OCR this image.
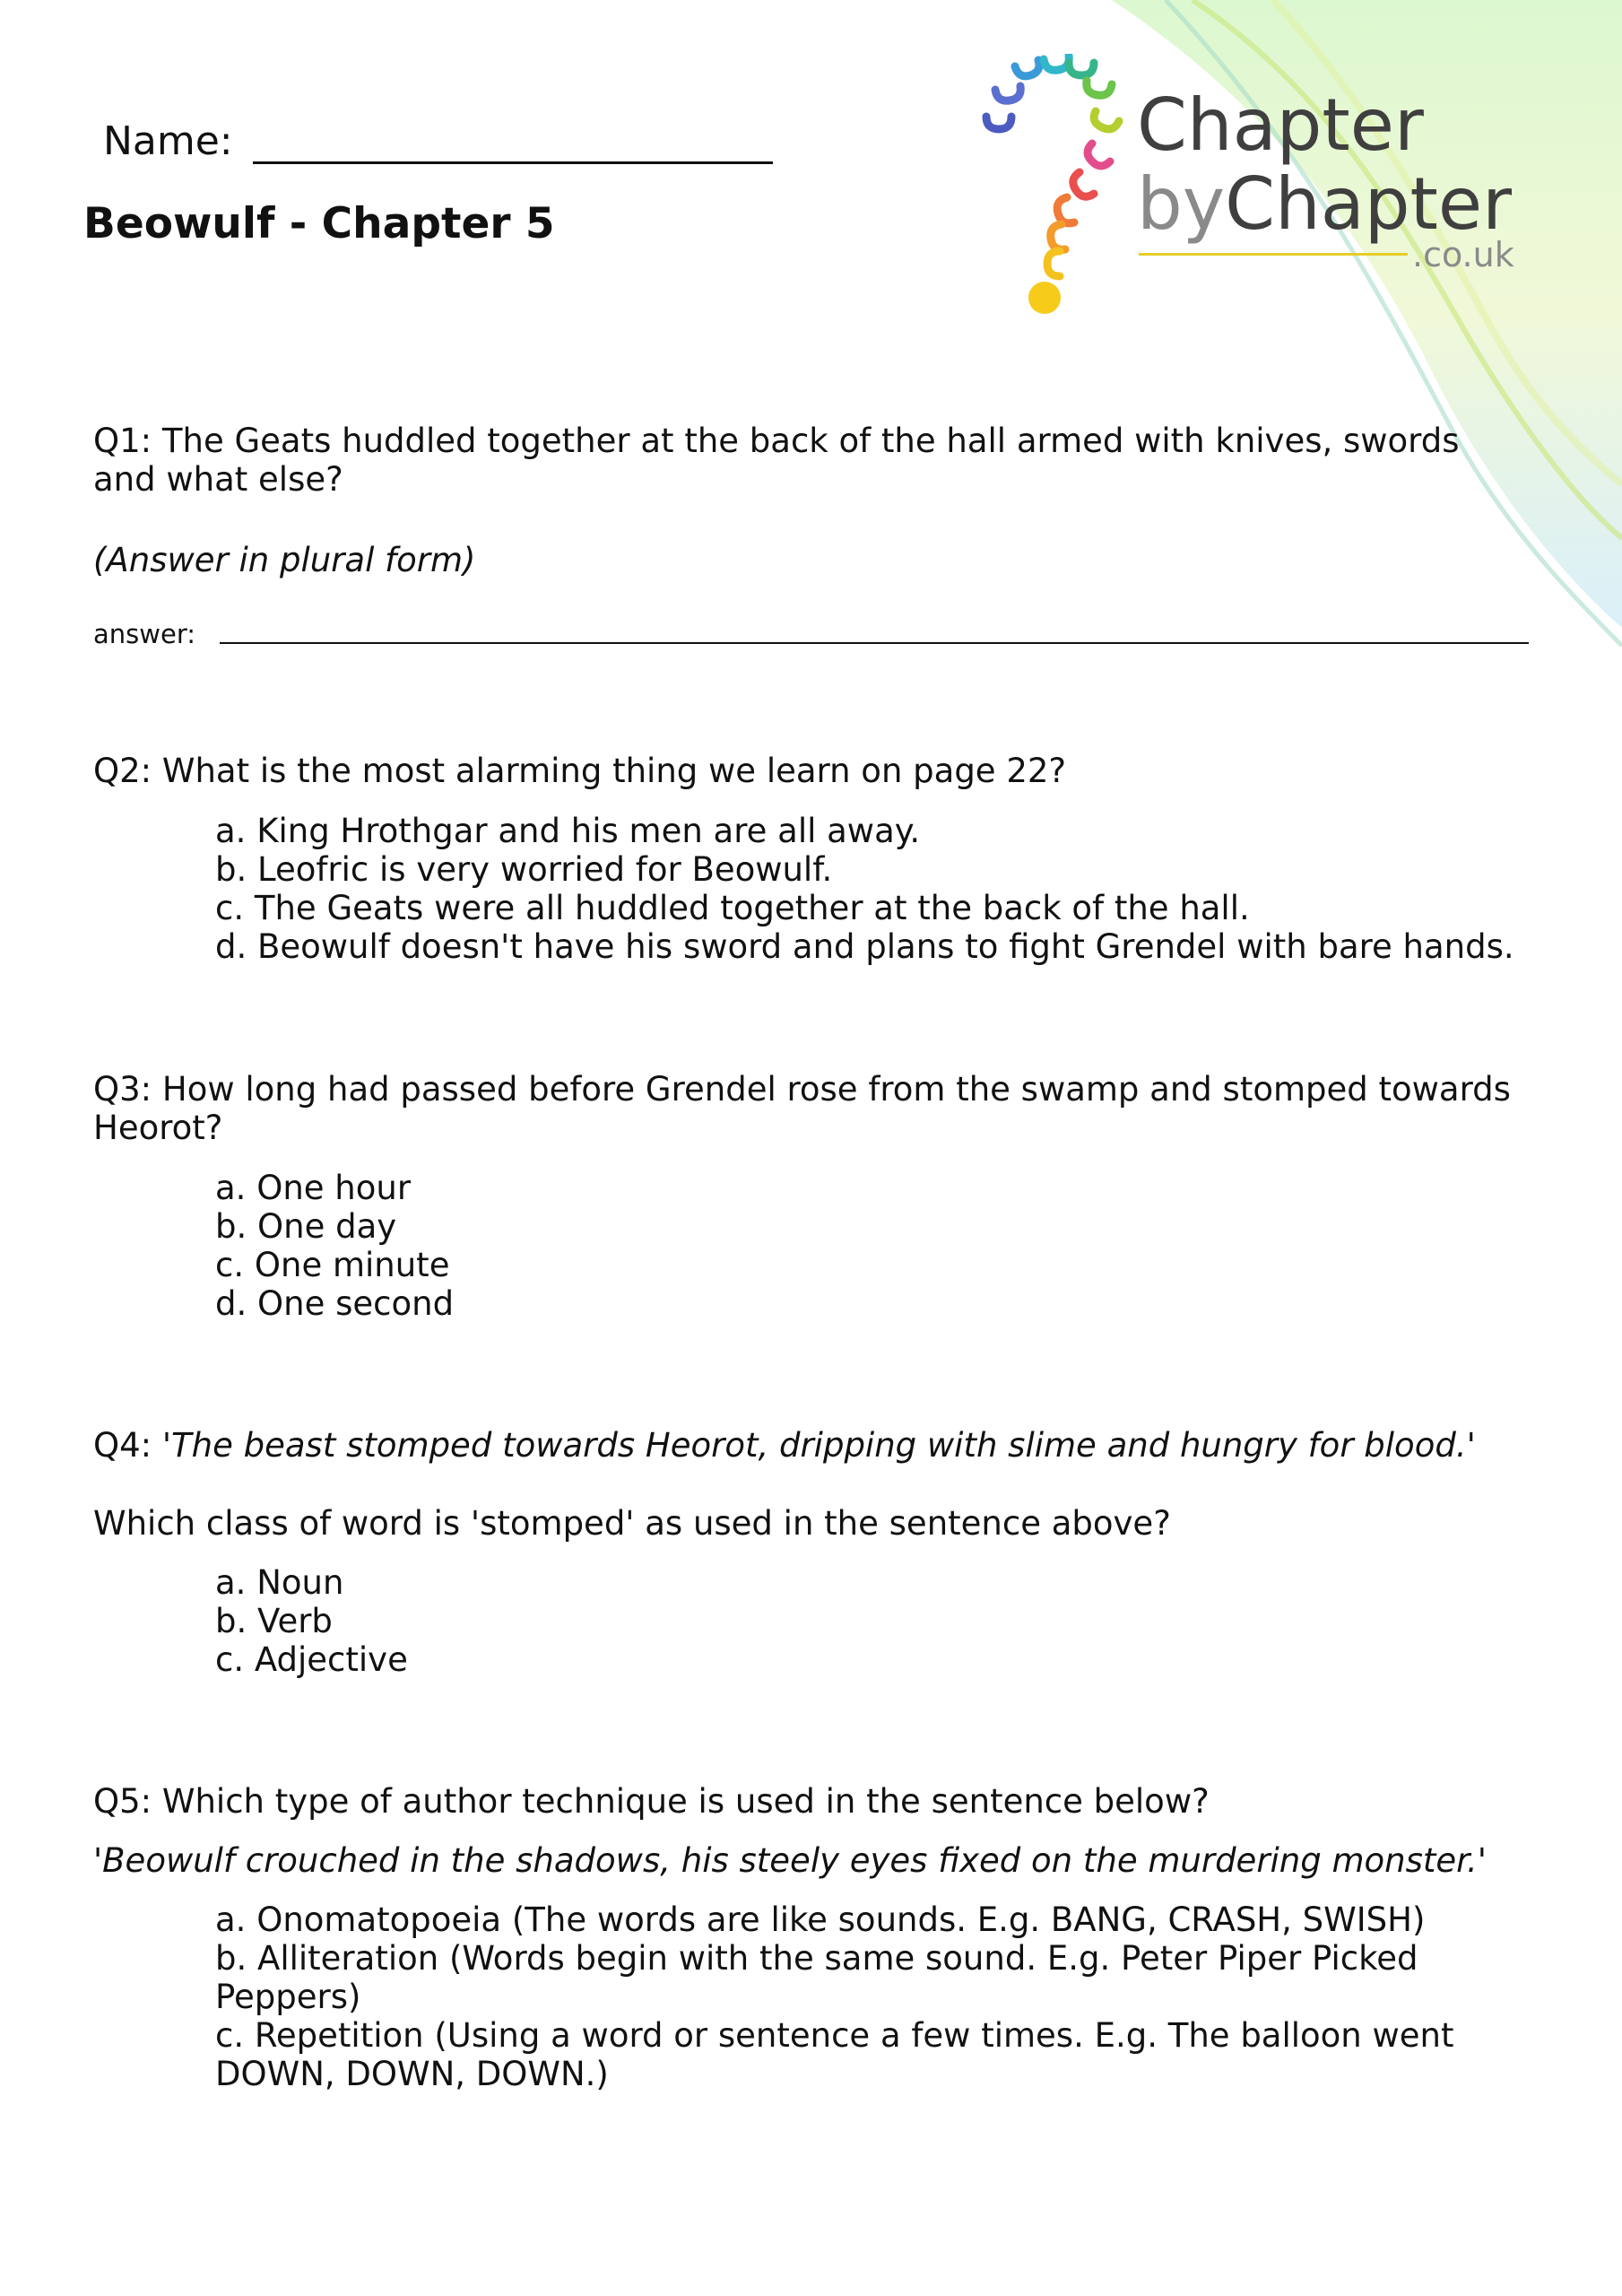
Chapter
byChapter
.co.uk
Name:
Beowulf - Chapter 5
Q1: The Geats huddled together at the back of the hall armed with knives, swords and what else?
(Answer in plural form)
answer:
Q2: What is the most alarming thing we learn on page 22?
a. King Hrothgar and his men are all away.
b. Leofric is very worried for Beowulf.
c. The Geats were all huddled together at the back of the hall.
d. Beowulf doesn't have his sword and plans to fight Grendel with bare hands.
Q3: How long had passed before Grendel rose from the swamp and stomped towards Heorot?
a. One hour
b. One day
c. One minute
d. One second
Q4: 'The beast stomped towards Heorot, dripping with slime and hungry for blood.'
Which class of word is 'stomped' as used in the sentence above?
a. Noun
b. Verb
c. Adjective
Q5: Which type of author technique is used in the sentence below?
'Beowulf crouched in the shadows, his steely eyes fixed on the murdering monster.'
a. Onomatopoeia (The words are like sounds. E.g. BANG, CRASH, SWISH)
b. Alliteration (Words begin with the same sound. E.g. Peter Piper Picked Peppers)
c. Repetition (Using a word or sentence a few times. E.g. The balloon went DOWN, DOWN, DOWN.)
